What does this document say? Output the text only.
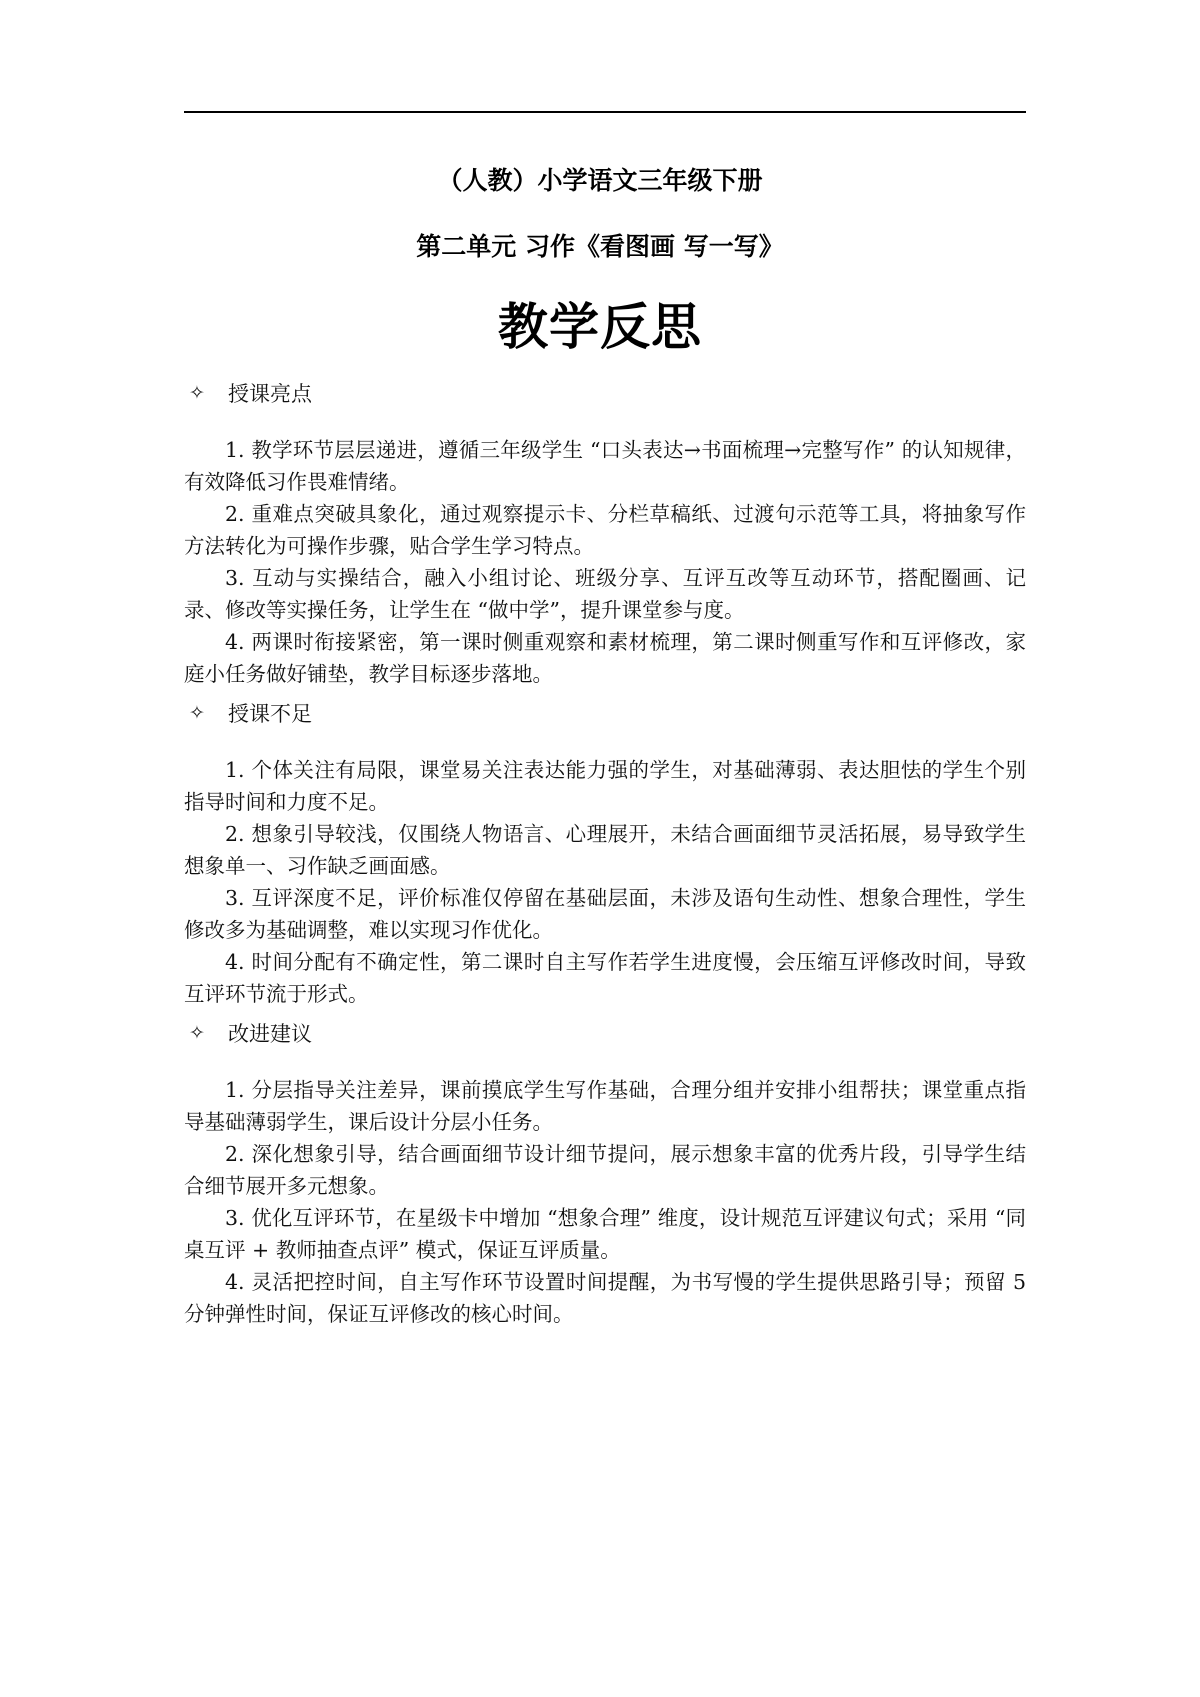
（人教）小学语文三年级下册
第二单元 习作《看图画 写一写》
教学反思
✧ 授课亮点

1. 教学环节层层递进，遵循三年级学生 “口头表达→书面梳理→完整写作” 的认知规律，有效降低习作畏难情绪。

2. 重难点突破具象化，通过观察提示卡、分栏草稿纸、过渡句示范等工具，将抽象写作方法转化为可操作步骤，贴合学生学习特点。

3. 互动与实操结合，融入小组讨论、班级分享、互评互改等互动环节，搭配圈画、记录、修改等实操任务，让学生在 “做中学”，提升课堂参与度。

4. 两课时衔接紧密，第一课时侧重观察和素材梳理，第二课时侧重写作和互评修改，家庭小任务做好铺垫，教学目标逐步落地。

✧ 授课不足

1. 个体关注有局限，课堂易关注表达能力强的学生，对基础薄弱、表达胆怯的学生个别指导时间和力度不足。

2. 想象引导较浅，仅围绕人物语言、心理展开，未结合画面细节灵活拓展，易导致学生想象单一、习作缺乏画面感。

3. 互评深度不足，评价标准仅停留在基础层面，未涉及语句生动性、想象合理性，学生修改多为基础调整，难以实现习作优化。

4. 时间分配有不确定性，第二课时自主写作若学生进度慢，会压缩互评修改时间，导致互评环节流于形式。

✧ 改进建议

1. 分层指导关注差异，课前摸底学生写作基础，合理分组并安排小组帮扶；课堂重点指导基础薄弱学生，课后设计分层小任务。

2. 深化想象引导，结合画面细节设计细节提问，展示想象丰富的优秀片段，引导学生结合细节展开多元想象。

3. 优化互评环节，在星级卡中增加 “想象合理” 维度，设计规范互评建议句式；采用 “同桌互评 + 教师抽查点评” 模式，保证互评质量。

4. 灵活把控时间，自主写作环节设置时间提醒，为书写慢的学生提供思路引导；预留 5 分钟弹性时间，保证互评修改的核心时间。
